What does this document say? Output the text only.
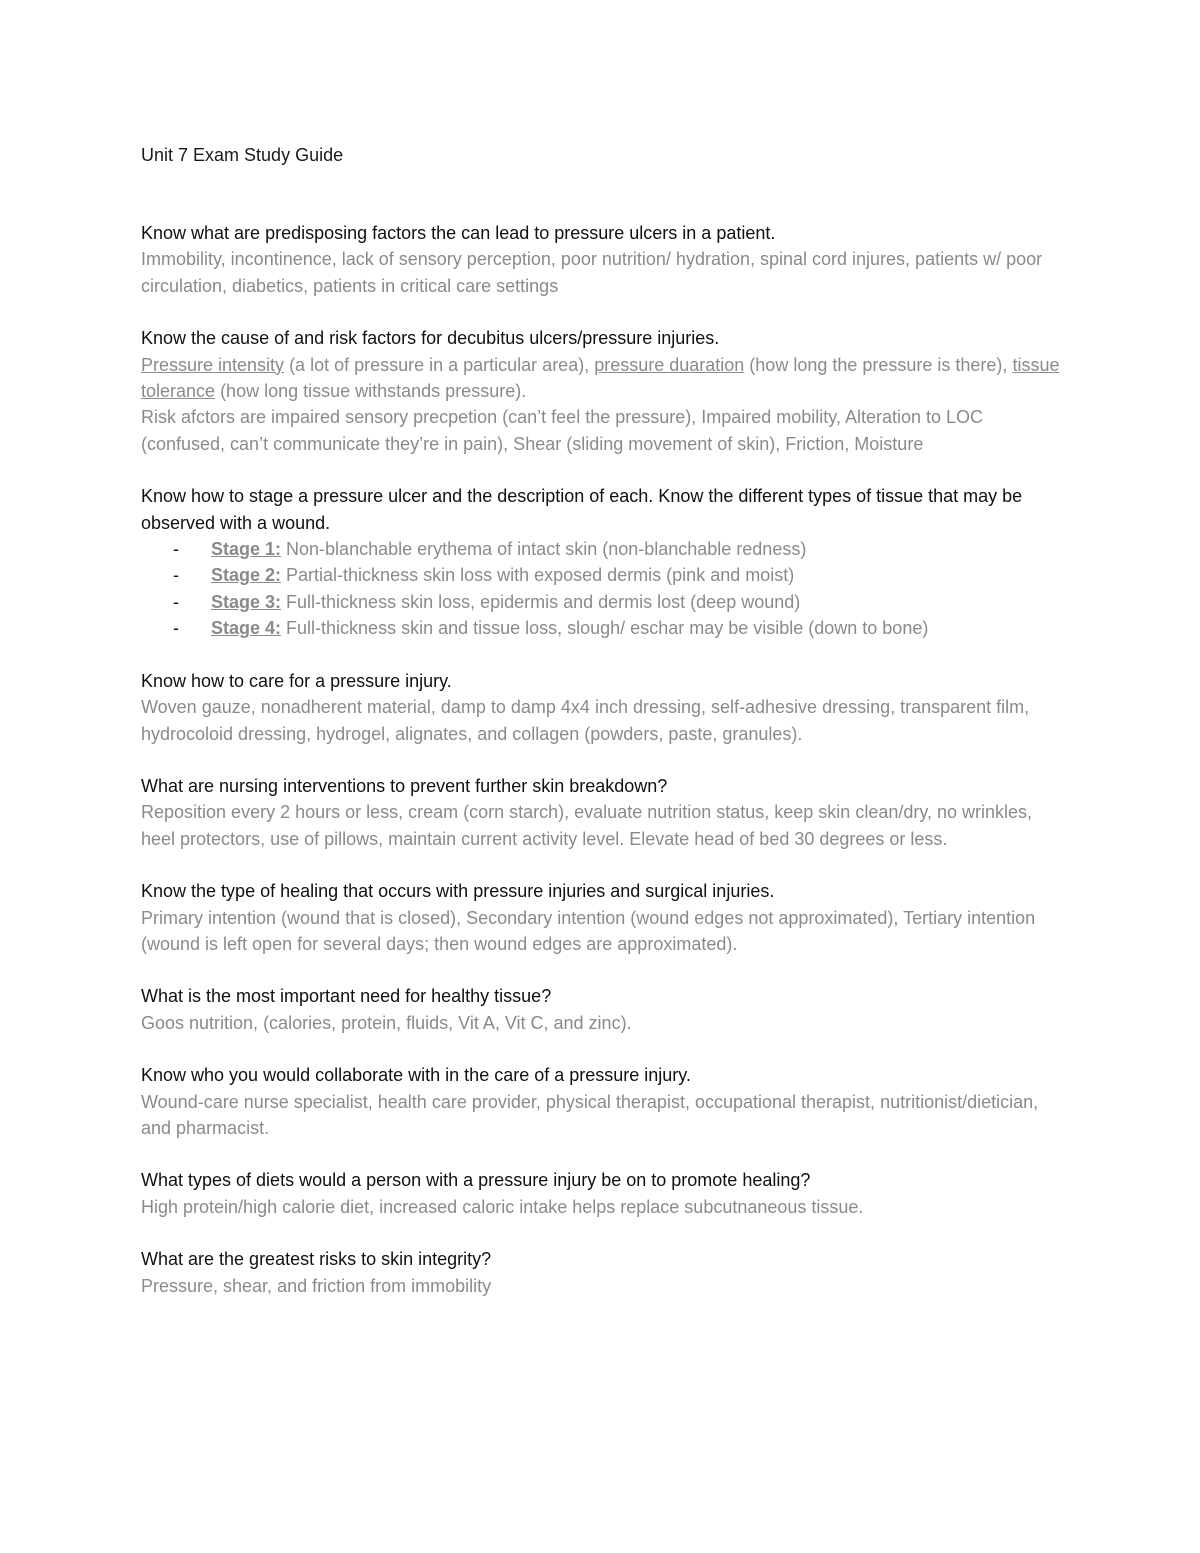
Unit 7 Exam Study Guide

Know what are predisposing factors the can lead to pressure ulcers in a patient.

Immobility, incontinence, lack of sensory perception, poor nutrition/ hydration, spinal cord injures, patients w/ poor circulation, diabetics, patients in critical care settings

Know the cause of and risk factors for decubitus ulcers/pressure injuries.

Pressure intensity (a lot of pressure in a particular area), pressure duaration (how long the pressure is there), tissue tolerance (how long tissue withstands pressure).

Risk afctors are impaired sensory precpetion (can’t feel the pressure), Impaired mobility, Alteration to LOC (confused, can’t communicate they’re in pain), Shear (sliding movement of skin), Friction, Moisture

Know how to stage a pressure ulcer and the description of each. Know the different types of tissue that may be observed with a wound.

- Stage 1: Non-blanchable erythema of intact skin (non-blanchable redness)
- Stage 2: Partial-thickness skin loss with exposed dermis (pink and moist)
- Stage 3: Full-thickness skin loss, epidermis and dermis lost (deep wound)
- Stage 4: Full-thickness skin and tissue loss, slough/ eschar may be visible (down to bone)

Know how to care for a pressure injury.

Woven gauze, nonadherent material, damp to damp 4x4 inch dressing, self-adhesive dressing, transparent film, hydrocoloid dressing, hydrogel, alignates, and collagen (powders, paste, granules).

What are nursing interventions to prevent further skin breakdown?

Reposition every 2 hours or less, cream (corn starch), evaluate nutrition status, keep skin clean/dry, no wrinkles, heel protectors, use of pillows, maintain current activity level. Elevate head of bed 30 degrees or less.

Know the type of healing that occurs with pressure injuries and surgical injuries.

Primary intention (wound that is closed), Secondary intention (wound edges not approximated), Tertiary intention (wound is left open for several days; then wound edges are approximated).

What is the most important need for healthy tissue?

Goos nutrition, (calories, protein, fluids, Vit A, Vit C, and zinc).

Know who you would collaborate with in the care of a pressure injury.

Wound-care nurse specialist, health care provider, physical therapist, occupational therapist, nutritionist/dietician, and pharmacist.

What types of diets would a person with a pressure injury be on to promote healing?

High protein/high calorie diet, increased caloric intake helps replace subcutnaneous tissue.

What are the greatest risks to skin integrity?

Pressure, shear, and friction from immobility
